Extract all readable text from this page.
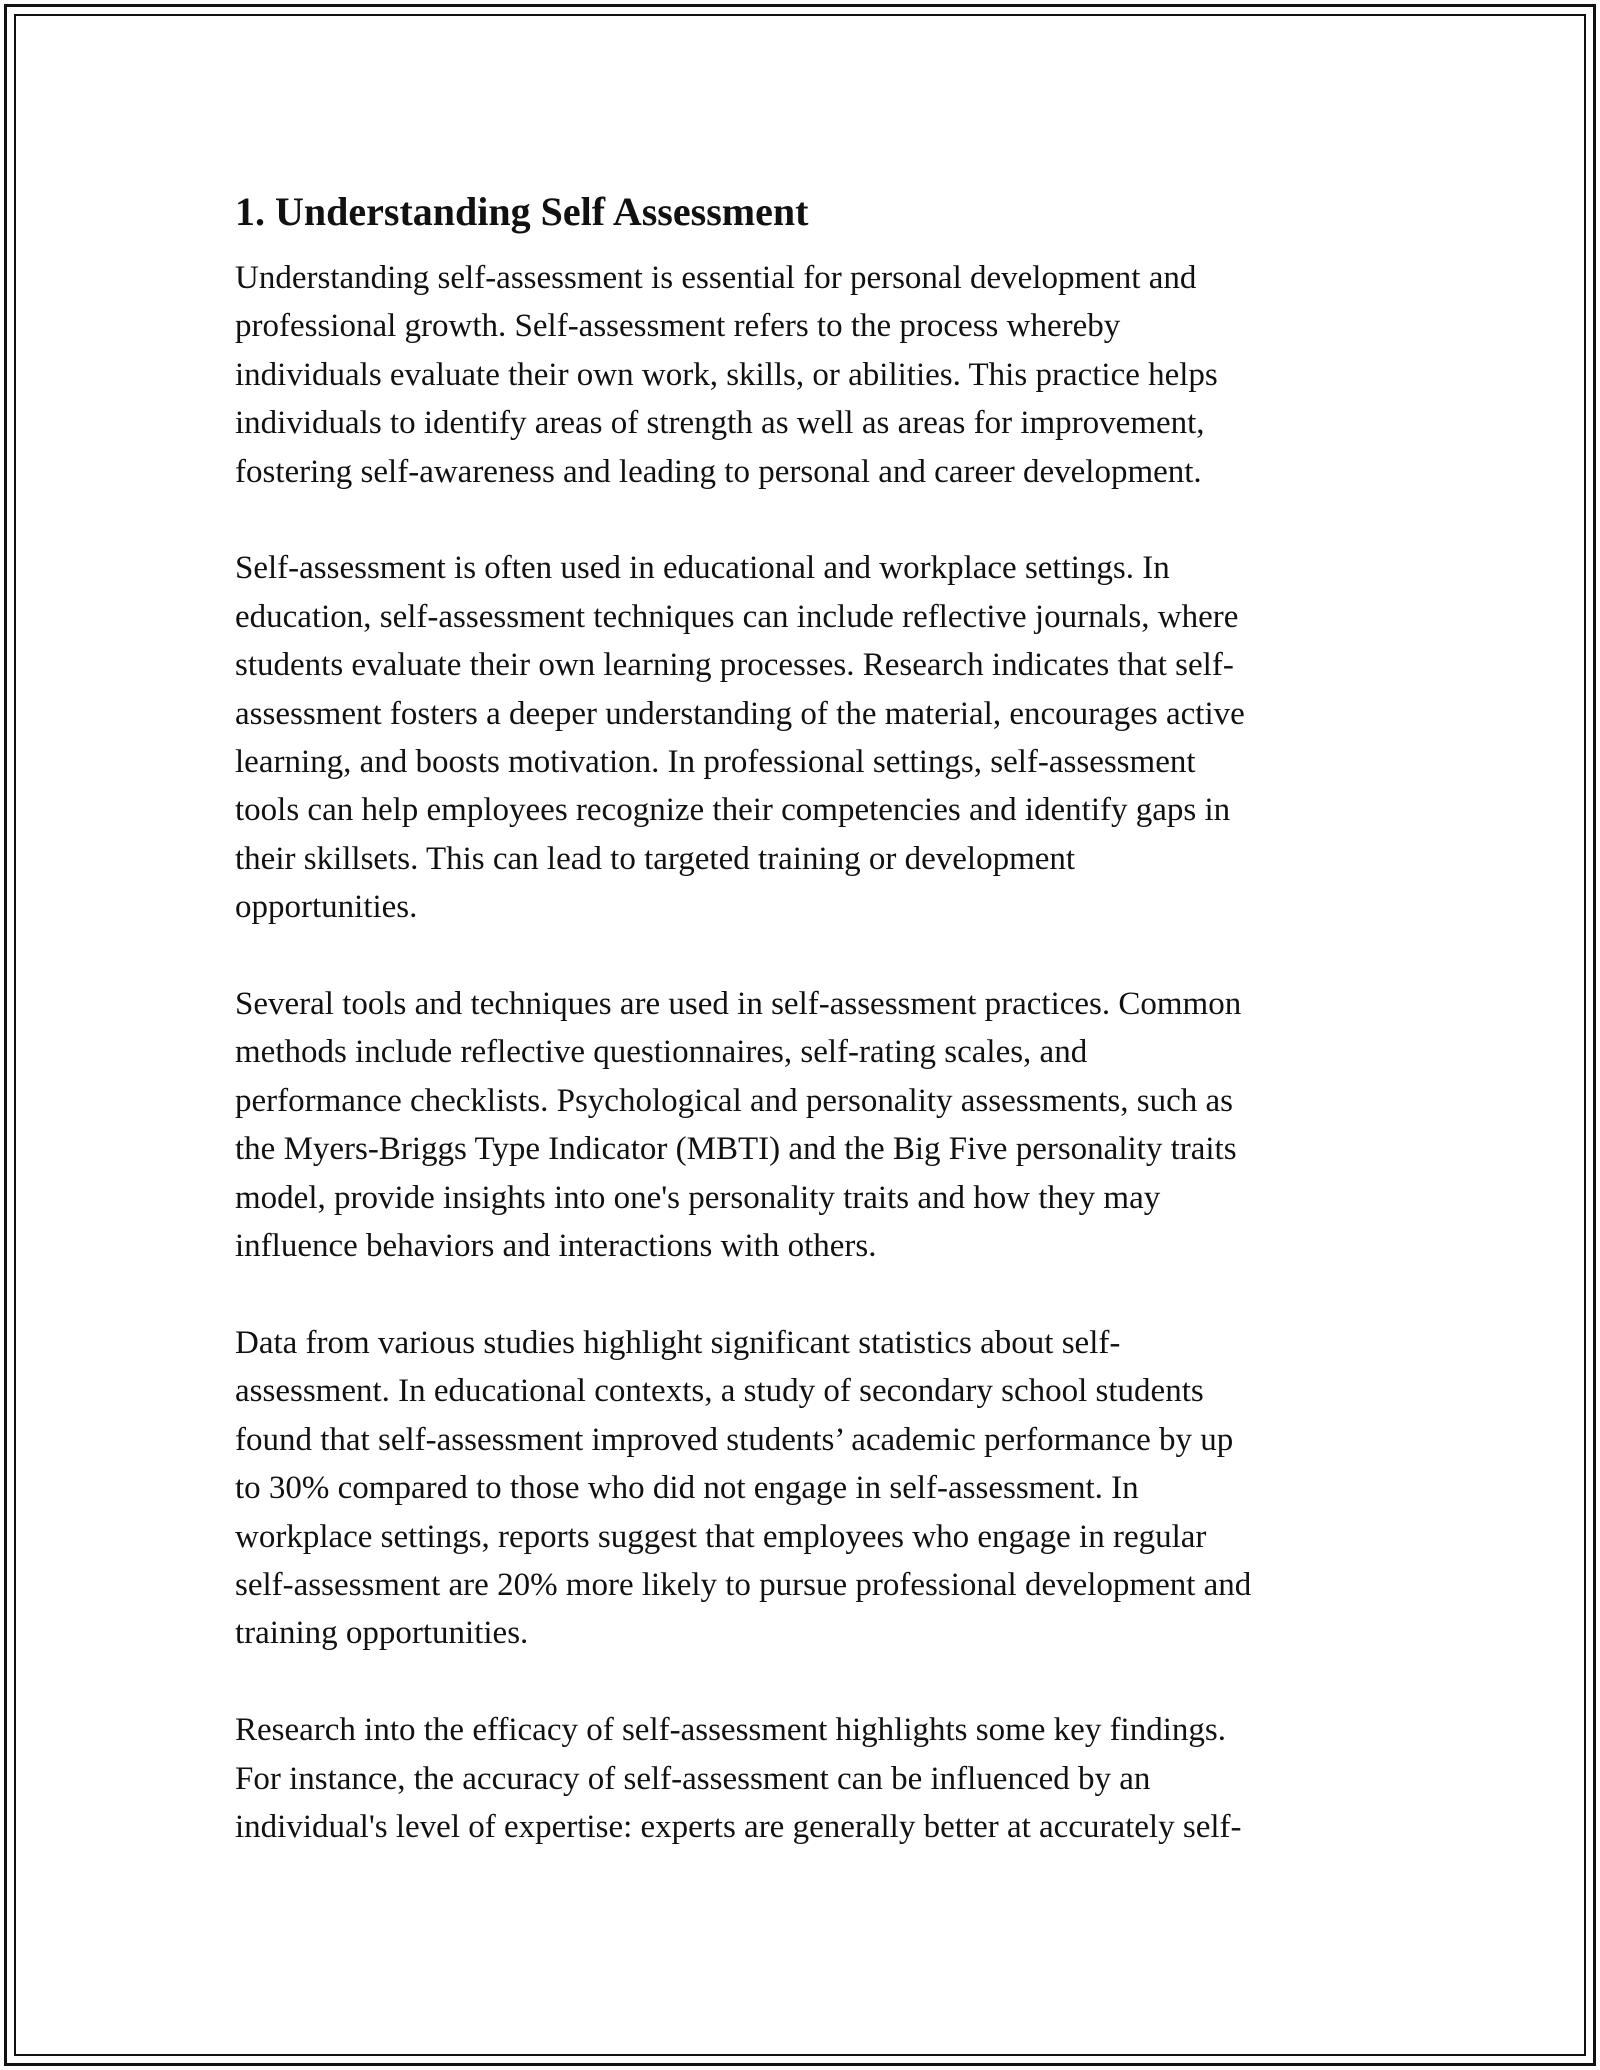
1. Understanding Self Assessment

Understanding self-assessment is essential for personal development and
professional growth. Self-assessment refers to the process whereby
individuals evaluate their own work, skills, or abilities. This practice helps
individuals to identify areas of strength as well as areas for improvement,
fostering self-awareness and leading to personal and career development.

Self-assessment is often used in educational and workplace settings. In
education, self-assessment techniques can include reflective journals, where
students evaluate their own learning processes. Research indicates that self-
assessment fosters a deeper understanding of the material, encourages active
learning, and boosts motivation. In professional settings, self-assessment
tools can help employees recognize their competencies and identify gaps in
their skillsets. This can lead to targeted training or development
opportunities.

Several tools and techniques are used in self-assessment practices. Common
methods include reflective questionnaires, self-rating scales, and
performance checklists. Psychological and personality assessments, such as
the Myers-Briggs Type Indicator (MBTI) and the Big Five personality traits
model, provide insights into one's personality traits and how they may
influence behaviors and interactions with others.

Data from various studies highlight significant statistics about self-
assessment. In educational contexts, a study of secondary school students
found that self-assessment improved students’ academic performance by up
to 30% compared to those who did not engage in self-assessment. In
workplace settings, reports suggest that employees who engage in regular
self-assessment are 20% more likely to pursue professional development and
training opportunities.

Research into the efficacy of self-assessment highlights some key findings.
For instance, the accuracy of self-assessment can be influenced by an
individual's level of expertise: experts are generally better at accurately self-
